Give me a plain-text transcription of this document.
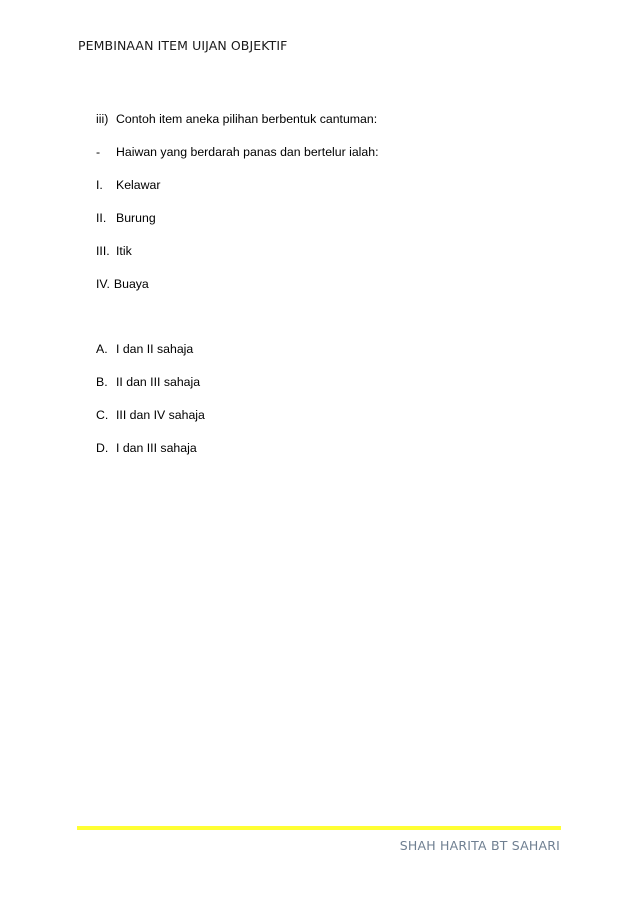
PEMBINAAN ITEM UIJAN OBJEKTIF
iii) Contoh item aneka pilihan berbentuk cantuman:
-	Haiwan yang berdarah panas dan bertelur ialah:
I.	Kelawar
II. Burung
III. Itik
IV. Buaya
A. I dan II sahaja
B. II dan III sahaja
C. III dan IV sahaja
D. I dan III sahaja
SHAH HARITA BT SAHARI
